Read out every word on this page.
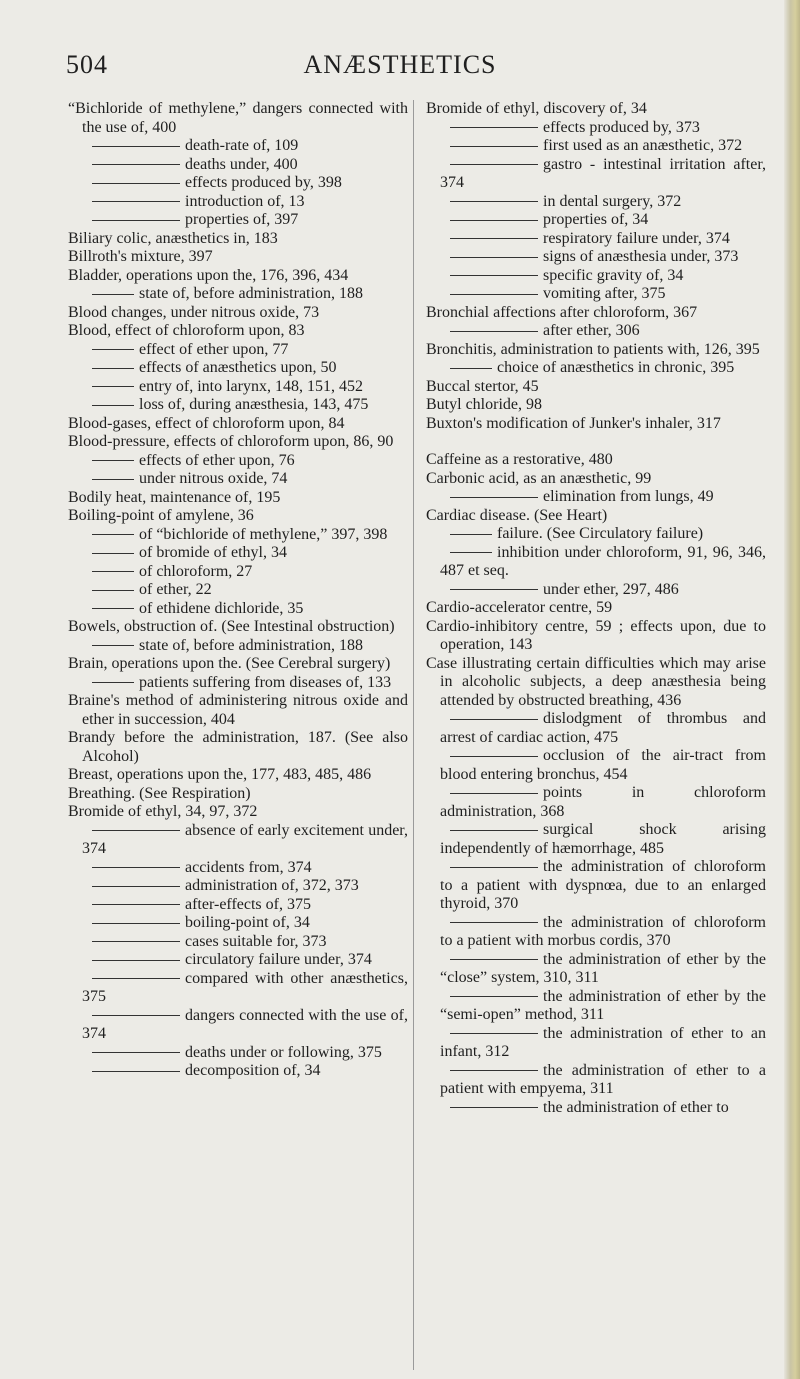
504	ANÆSTHETICS

“Bichloride of methylene,” dangers connected with the use of, 400

death-rate of, 109

deaths under, 400

effects produced by, 398

introduction of, 13

properties of, 397

Biliary colic, anæsthetics in, 183

Billroth's mixture, 397

Bladder, operations upon the, 176, 396, 434

state of, before administration, 188

Blood changes, under nitrous oxide, 73

Blood, effect of chloroform upon, 83

effect of ether upon, 77

effects of anæsthetics upon, 50

entry of, into larynx, 148, 151, 452

loss of, during anæsthesia, 143, 475

Blood-gases, effect of chloroform upon, 84

Blood-pressure, effects of chloroform upon, 86, 90

effects of ether upon, 76

under nitrous oxide, 74

Bodily heat, maintenance of, 195

Boiling-point of amylene, 36

of “bichloride of methylene,” 397, 398

of bromide of ethyl, 34

of chloroform, 27

of ether, 22

of ethidene dichloride, 35

Bowels, obstruction of. (See Intestinal obstruction)

state of, before administration, 188

Brain, operations upon the. (See Cerebral surgery)

patients suffering from diseases of, 133

Braine's method of administering nitrous oxide and ether in succession, 404

Brandy before the administration, 187. (See also Alcohol)

Breast, operations upon the, 177, 483, 485, 486

Breathing. (See Respiration)

Bromide of ethyl, 34, 97, 372

absence of early excitement under, 374

accidents from, 374

administration of, 372, 373

after-effects of, 375

boiling-point of, 34

cases suitable for, 373

circulatory failure under, 374

compared with other anæsthetics, 375

dangers connected with the use of, 374

deaths under or following, 375

decomposition of, 34

Bromide of ethyl, discovery of, 34

effects produced by, 373

first used as an anæsthetic, 372

gastro - intestinal irritation after, 374

in dental surgery, 372

properties of, 34

respiratory failure under, 374

signs of anæsthesia under, 373

specific gravity of, 34

vomiting after, 375

Bronchial affections after chloroform, 367

after ether, 306

Bronchitis, administration to patients with, 126, 395

choice of anæsthetics in chronic, 395

Buccal stertor, 45

Butyl chloride, 98

Buxton's modification of Junker's inhaler, 317

Caffeine as a restorative, 480

Carbonic acid, as an anæsthetic, 99

elimination from lungs, 49

Cardiac disease. (See Heart)

failure. (See Circulatory failure)

inhibition under chloroform, 91, 96, 346, 487 et seq.

under ether, 297, 486

Cardio-accelerator centre, 59

Cardio-inhibitory centre, 59 ; effects upon, due to operation, 143

Case illustrating certain difficulties which may arise in alcoholic subjects, a deep anæsthesia being attended by obstructed breathing, 436

dislodgment of thrombus and arrest of cardiac action, 475

occlusion of the air-tract from blood entering bronchus, 454

points in chloroform administration, 368

surgical shock arising independently of hæmorrhage, 485

the administration of chloroform to a patient with dyspnœa, due to an enlarged thyroid, 370

the administration of chloroform to a patient with morbus cordis, 370

the administration of ether by the “close” system, 310, 311

the administration of ether by the “semi-open” method, 311

the administration of ether to an infant, 312

the administration of ether to a patient with empyema, 311

the administration of ether to
